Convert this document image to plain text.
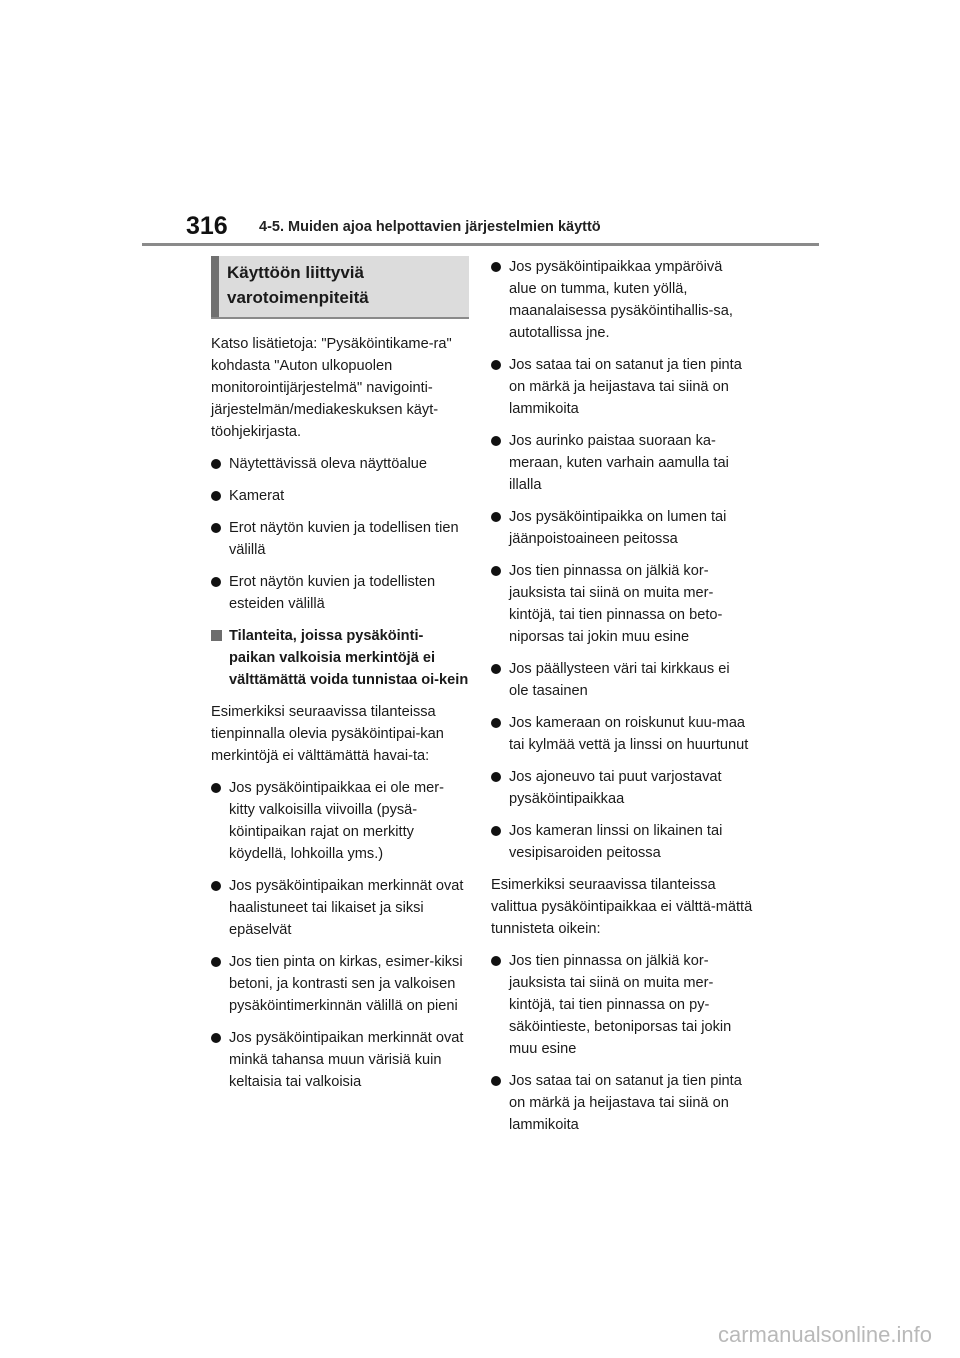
316 4-5. Muiden ajoa helpottavien järjestelmien käyttö
Käyttöön liittyviä varotoimenpiteitä

Katso lisätietoja: "Pysäköintikame-ra" kohdasta "Auton ulkopuolen monitorointijärjestelmä" navigointi-järjestelmän/mediakeskuksen käyt-töohjekirjasta.

Näytettävissä oleva näyttöalue
Kamerat
Erot näytön kuvien ja todellisen tien välillä
Erot näytön kuvien ja todellisten esteiden välillä
Tilanteita, joissa pysäköinti-paikan valkoisia merkintöjä ei välttämättä voida tunnistaa oi-kein

Esimerkiksi seuraavissa tilanteissa tienpinnalla olevia pysäköintipai-kan merkintöjä ei välttämättä havai-ta:

Jos pysäköintipaikkaa ei ole mer-kitty valkoisilla viivoilla (pysä-köintipaikan rajat on merkitty köydellä, lohkoilla yms.)
Jos pysäköintipaikan merkinnät ovat haalistuneet tai likaiset ja siksi epäselvät
Jos tien pinta on kirkas, esimer-kiksi betoni, ja kontrasti sen ja valkoisen pysäköintimerkinnän välillä on pieni
Jos pysäköintipaikan merkinnät ovat minkä tahansa muun värisiä kuin keltaisia tai valkoisia
Jos pysäköintipaikkaa ympäröivä alue on tumma, kuten yöllä, maanalaisessa pysäköintihallis-sa, autotallissa jne.
Jos sataa tai on satanut ja tien pinta on märkä ja heijastava tai siinä on lammikoita
Jos aurinko paistaa suoraan ka-meraan, kuten varhain aamulla tai illalla
Jos pysäköintipaikka on lumen tai jäänpoistoaineen peitossa
Jos tien pinnassa on jälkiä kor-jauksista tai siinä on muita mer-kintöjä, tai tien pinnassa on beto-niporsas tai jokin muu esine
Jos päällysteen väri tai kirkkaus ei ole tasainen
Jos kameraan on roiskunut kuu-maa tai kylmää vettä ja linssi on huurtunut
Jos ajoneuvo tai puut varjostavat pysäköintipaikkaa
Jos kameran linssi on likainen tai vesipisaroiden peitossa

Esimerkiksi seuraavissa tilanteissa valittua pysäköintipaikkaa ei välttä-mättä tunnisteta oikein:

Jos tien pinnassa on jälkiä kor-jauksista tai siinä on muita mer-kintöjä, tai tien pinnassa on py-säköintieste, betoniporsas tai jokin muu esine
Jos sataa tai on satanut ja tien pinta on märkä ja heijastava tai siinä on lammikoita
carmanualsonline.info
